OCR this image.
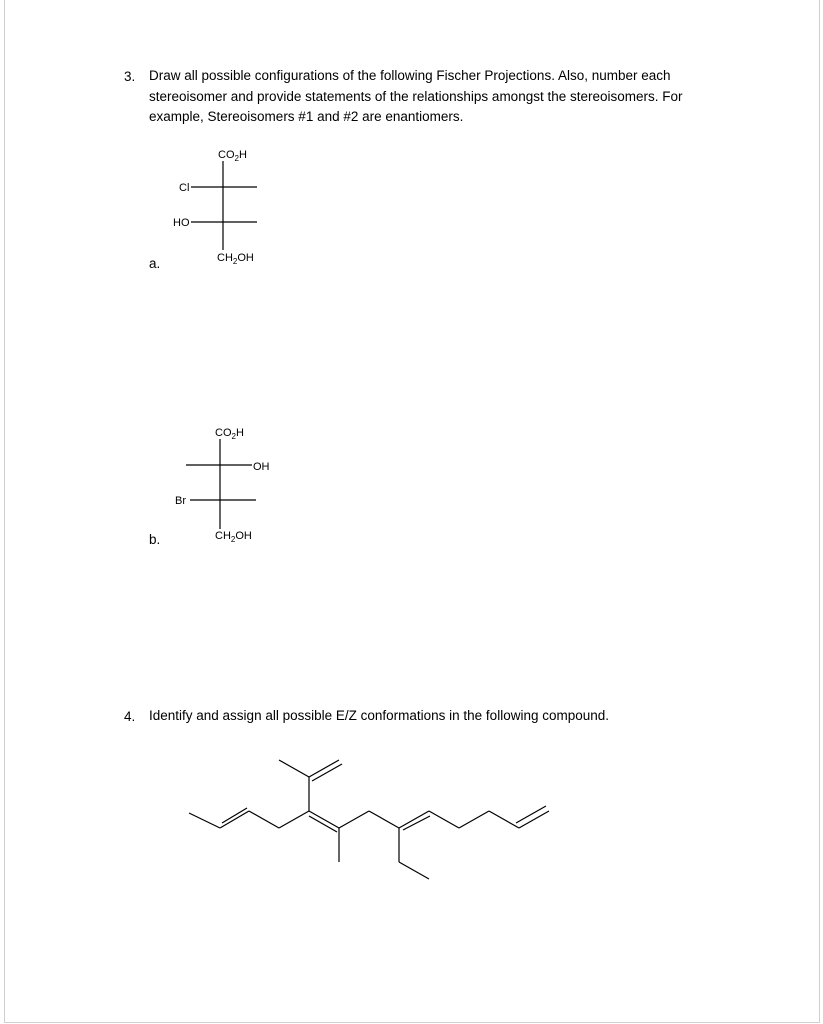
3. Draw all possible configurations of the following Fischer Projections. Also, number each
stereoisomer and provide statements of the relationships amongst the stereoisomers. For
example, Stereoisomers #1 and #2 are enantiomers.
a.
$CO_2H$
Cl
HO
$CH_2OH$
b.
$CO_2H$
OH
Br
$CH_2OH$
4. Identify and assign all possible E/Z conformations in the following compound.
